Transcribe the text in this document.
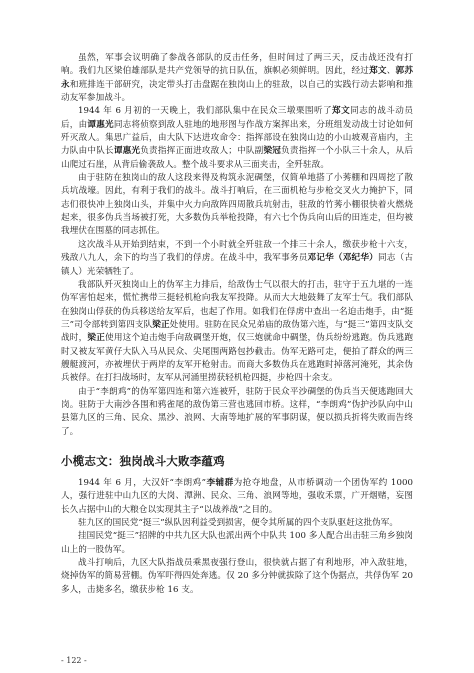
虽然，军事会议明确了参战各部队的反击任务，但时间过了两三天，反击战还没有打响。我们九区梁伯雄部队是共产党领导的抗日队伍，旗帜必须鲜明。因此，经过郑文、郭苏永和班排连干部研究，决定带头打击盘踞在独岗山上的驻敌，以自己的实践行动去影响和推动友军参加战斗。

1944 年 6 月初的一天晚上，我们部队集中在民众三墩栗围听了郑文同志的战斗动员后，由谭惠光同志将侦察到敌人驻地的地形图与作战方案挥出来，分班组发动战士讨论如何歼灭敌人。集思广益后，由大队下达进攻命令：指挥部设在独岗山边的小山坡观音庙内，主力队由中队长谭惠光负责指挥正面进攻敌人；中队副梁冠负责指挥一个小队三十余人，从后山爬过石崖，从背后偷袭敌人。整个战斗要求从三面夹击，全歼驻敌。

由于驻防在独岗山的敌人这段来得及构筑永泥碉堡，仅简单地搭了小莠棚和四周挖了散兵坑战壕。因此，有利于我们的战斗。战斗打响后，在三面机枪与步枪交叉火力掩护下，同志们很快冲上独岗山头，并集中火力向敌阵四周散兵坑射击，驻敌的竹莠小棚很快着火燃烧起来，很多伪兵当场被打死，大多数伪兵举枪投降，有六七个伪兵向山后的田连走，但均被我埋伏在围墓的同志抓住。

这次战斗从开始到结束，不到一个小时就全歼驻敌一个排三十余人，缴获步枪十六支，残敌八九人，余下的均当了我们的俘虏。在战斗中，我军事务员邓记华（邓纪华）同志（古镇人）光荣牺牲了。

我部队歼灭独岗山上的伪军主力排后，给敌伪士气以很大的打击，驻守于五九堪的一连伪军害怕起来，慌忙携带三挺轻机枪向我友军投降。从而大大地鼓舞了友军士气。我们部队在独岗山俘获的伪兵移送给友军后，也起了作用。如我们在俘虏中查出一名迫击炮手，由“挺三”司令部转到第四支队梁正处使用。驻防在民众兄弟庙的敌伪第六连，与“挺三”第四支队交战时，梁正使用这个迫击炮手向敌碉堡开炮，仅三炮就命中碉堡，伪兵纷纷逃跑。伪兵逃跑时又被友军黄仔大队入马从民众、尖尾围两路包抄截击。伪军无路可走，便拍了群众的两三艘艇渡河，亦被埋伏于两岸的友军开枪射击。而商大多数伪兵在逃跑时掉落河淹死，其余伪兵被俘。在打扫战场时，友军从河涌里捞获轻机枪四挺，步枪四十余支。

由于“李朗鸡”的伪军第四连和第六连被歼，驻防于民众平沙碉堡的伪兵当天便逃跑回大岗。驻防于大南沙各围和鸦雀尾的敌伪第三营也逃回市桥。这样，“李朗鸡”伪护沙队向中山县第九区的三角、民众、黑沙、浪网、大南等地扩展的军事阴谋，便以损兵折将失败而告终了。

小榄志文：独岗战斗大败李蕴鸡

1944 年 6 月，大汉奸“李朗鸡”李辅群为抢夺地盘，从市桥调动一个团伪军约 1000 人，强行进驻中山九区的大岗、潭洲、民众、三角、浪网等地，强收禾票，广开烟赌，妄图长久占据中山的大粮仓以实现其主子“以战养战”之目的。

驻九区的国民党“挺三”纵队因利益受到损害，便令其所属的四个支队驱赶这批伪军。

挂国民党“挺三”招牌的中共九区大队也派出两个中队共 100 多人配合出击驻三角乡独岗山上的一股伪军。

战斗打响后，九区大队指战员乘黑夜强行登山，很快就占据了有利地形，冲入敌驻地，烧掉伪军的简易营棚。伪军吓得四处奔逃。仅 20 多分钟就拔除了这个伪据点，共俘伪军 20 多人，击毙多名，缴获步枪 16 支。

- 122 -
